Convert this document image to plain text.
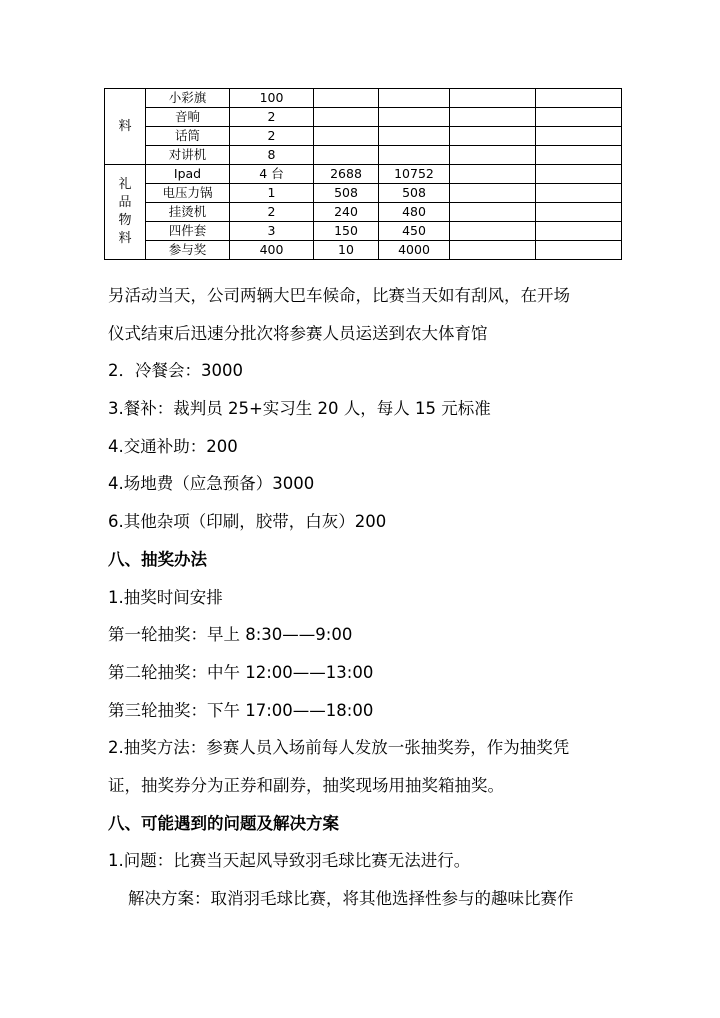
料	小彩旗	100				
	音响	2				
	话筒	2				
	对讲机	8				

礼
品
物
料	Ipad	4 台	2688	10752		
	电压力锅	1	508	508		
	挂烫机	2	240	480		
	四件套	3	150	450		
	参与奖	400	10	4000		

另活动当天，公司两辆大巴车候命，比赛当天如有刮风，在开场

仪式结束后迅速分批次将参赛人员运送到农大体育馆

2．冷餐会：3000

3.餐补：裁判员 25+实习生 20 人，每人 15 元标准

4.交通补助：200

4.场地费（应急预备）3000

6.其他杂项（印刷，胶带，白灰）200

八、抽奖办法

1.抽奖时间安排

第一轮抽奖：早上 8:30——9:00

第二轮抽奖：中午 12:00——13:00

第三轮抽奖：下午 17:00——18:00

2.抽奖方法：参赛人员入场前每人发放一张抽奖券，作为抽奖凭

证，抽奖券分为正券和副券，抽奖现场用抽奖箱抽奖。

八、可能遇到的问题及解决方案

1.问题：比赛当天起风导致羽毛球比赛无法进行。

解决方案：取消羽毛球比赛，将其他选择性参与的趣味比赛作
